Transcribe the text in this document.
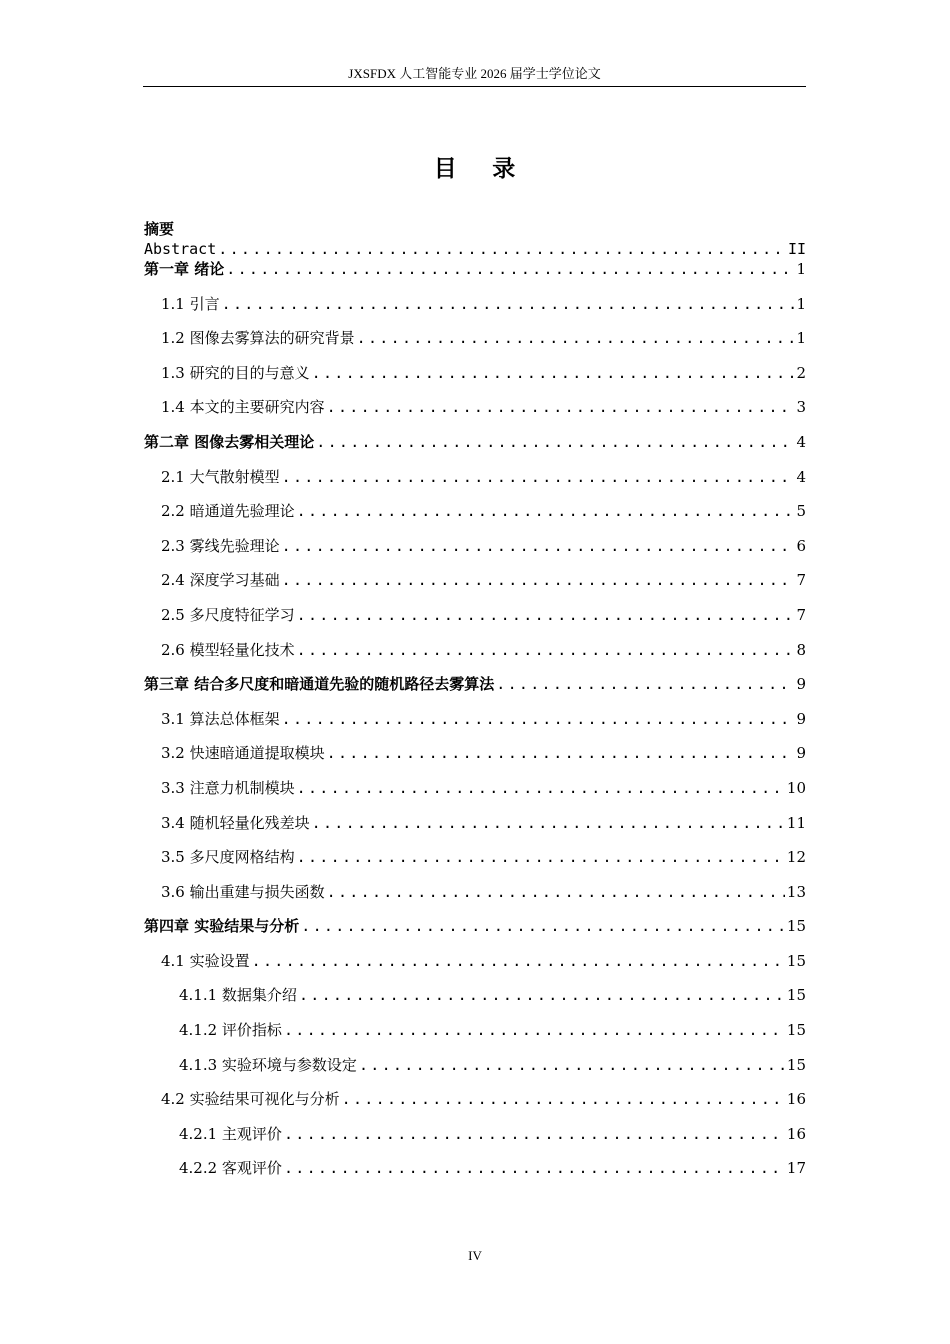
JXSFDX 人工智能专业 2026 届学士学位论文
目 录
摘要
Abstract .....	II
第一章 绪论 .....	1
1.1 引言 .....	1
1.2 图像去雾算法的研究背景 .....	1
1.3 研究的目的与意义 .....	2
1.4 本文的主要研究内容 .....	3
第二章 图像去雾相关理论 .....	4
2.1 大气散射模型 .....	4
2.2 暗通道先验理论 .....	5
2.3 雾线先验理论 .....	6
2.4 深度学习基础 .....	7
2.5 多尺度特征学习 .....	7
2.6 模型轻量化技术 .....	8
第三章 结合多尺度和暗通道先验的随机路径去雾算法 .....	9
3.1 算法总体框架 .....	9
3.2 快速暗通道提取模块 .....	9
3.3 注意力机制模块 .....	10
3.4 随机轻量化残差块 .....	11
3.5 多尺度网格结构 .....	12
3.6 输出重建与损失函数 .....	13
第四章 实验结果与分析 .....	15
4.1 实验设置 .....	15
4.1.1 数据集介绍 .....	15
4.1.2 评价指标 .....	15
4.1.3 实验环境与参数设定 .....	15
4.2 实验结果可视化与分析 .....	16
4.2.1 主观评价 .....	16
4.2.2 客观评价 .....	17
IV
